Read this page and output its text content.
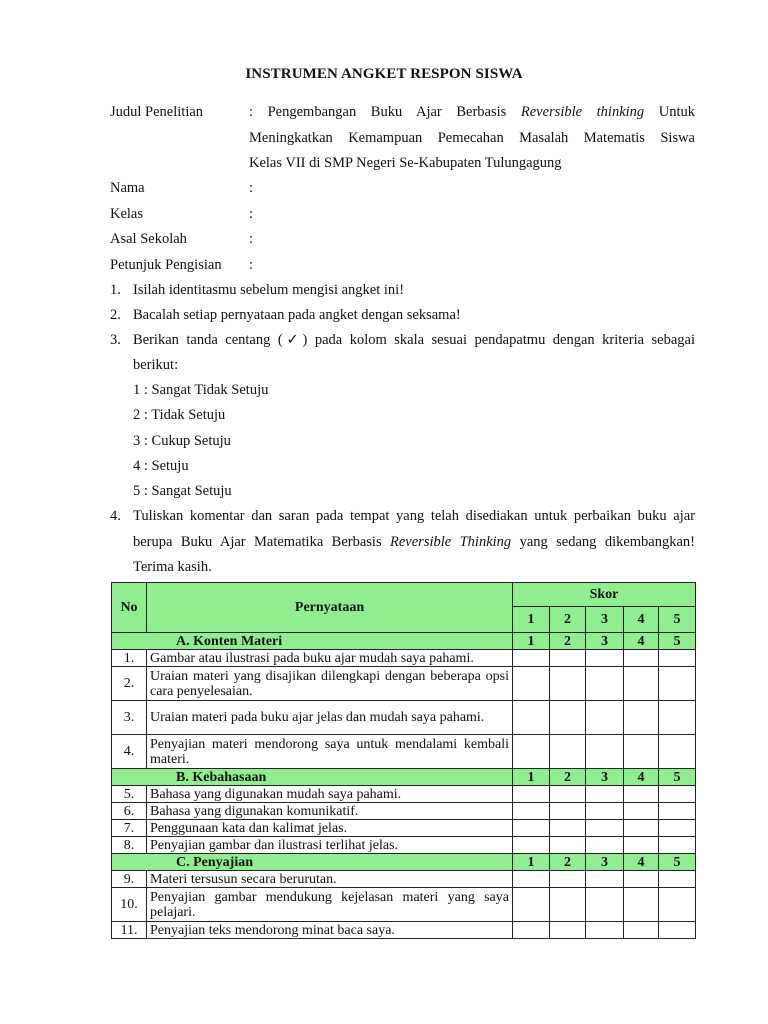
INSTRUMEN ANGKET RESPON SISWA
Judul Penelitian	: Pengembangan Buku Ajar Berbasis Reversible thinking Untuk
Meningkatkan Kemampuan Pemecahan Masalah Matematis Siswa
Kelas VII di SMP Negeri Se-Kabupaten Tulungagung
Nama	:
Kelas	:
Asal Sekolah	:
Petunjuk Pengisian :
1. Isilah identitasmu sebelum mengisi angket ini!
2. Bacalah setiap pernyataan pada angket dengan seksama!
3. Berikan tanda centang (✓) pada kolom skala sesuai pendapatmu dengan kriteria sebagai
berikut:
1 : Sangat Tidak Setuju
2 : Tidak Setuju
3 : Cukup Setuju
4 : Setuju
5 : Sangat Setuju
4. Tuliskan komentar dan saran pada tempat yang telah disediakan untuk perbaikan buku ajar
berupa Buku Ajar Matematika Berbasis Reversible Thinking yang sedang dikembangkan!
Terima kasih.
No	Pernyataan	Skor				
		1	2	3	4	5
A. Konten Materi		1	2	3	4	5
1.	Gambar atau ilustrasi pada buku ajar mudah saya pahami.					
2.	Uraian materi yang disajikan dilengkapi dengan beberapa opsi cara penyelesaian.					
3.	Uraian materi pada buku ajar jelas dan mudah saya pahami.					
4.	Penyajian materi mendorong saya untuk mendalami kembali materi.					
B. Kebahasaan		1	2	3	4	5
5.	Bahasa yang digunakan mudah saya pahami.					
6.	Bahasa yang digunakan komunikatif.					
7.	Penggunaan kata dan kalimat jelas.					
8.	Penyajian gambar dan ilustrasi terlihat jelas.					
C. Penyajian		1	2	3	4	5
9.	Materi tersusun secara berurutan.					
10.	Penyajian gambar mendukung kejelasan materi yang saya pelajari.					
11.	Penyajian teks mendorong minat baca saya.					
